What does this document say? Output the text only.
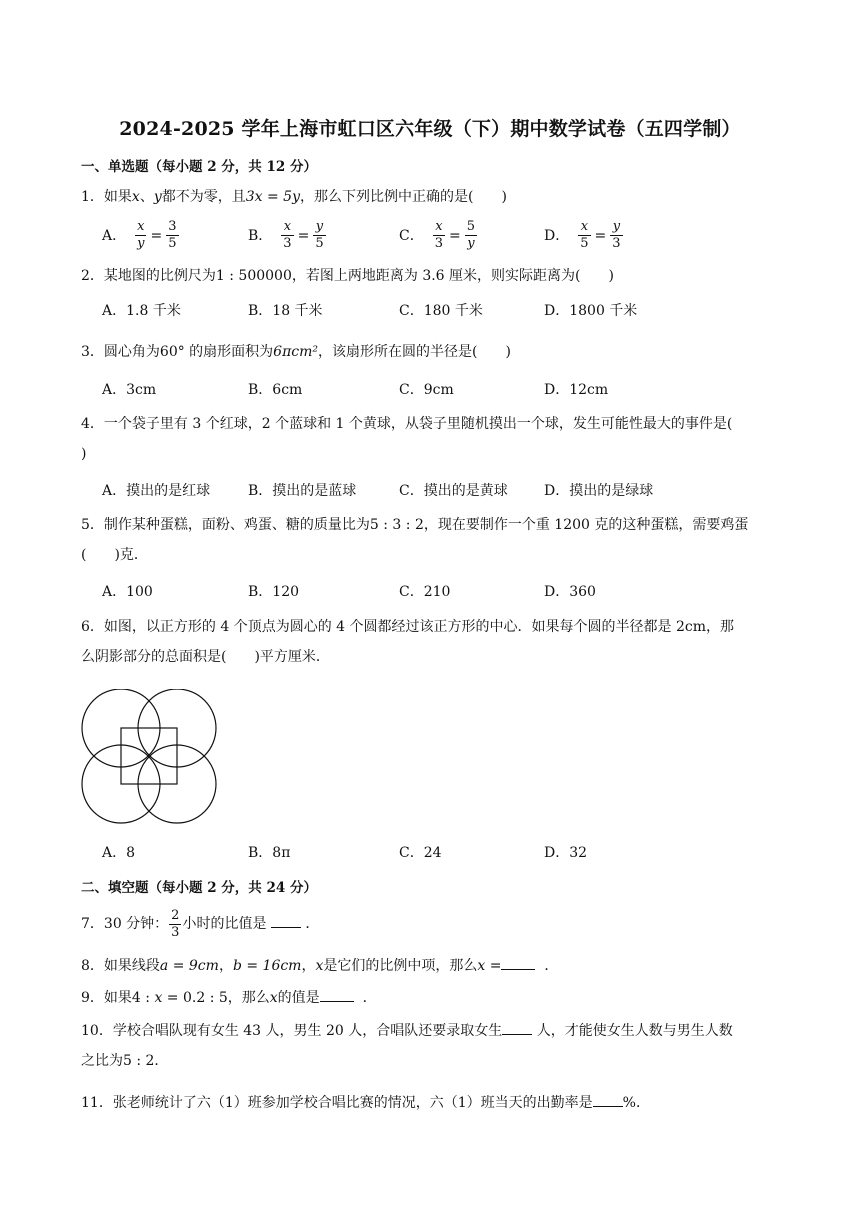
2024-2025 学年上海市虹口区六年级（下）期中数学试卷（五四学制）
一、单选题（每小题 2 分，共 12 分）
1．如果x、y都不为零，且3x = 5y，那么下列比例中正确的是(　　)
A． $\frac{x}{y} = \frac{3}{5}$	B． $\frac{x}{3} = \frac{y}{5}$	C． $\frac{x}{3} = \frac{5}{y}$	D． $\frac{x}{5} = \frac{y}{3}$
2．某地图的比例尺为1 : 500000，若图上两地距离为 3.6 厘米，则实际距离为(　　)
A．1.8 千米	B．18 千米	C．180 千米	D．1800 千米
3．圆心角为60° 的扇形面积为6πcm²，该扇形所在圆的半径是(　　)
A．3cm	B．6cm	C．9cm	D．12cm
4．一个袋子里有 3 个红球，2 个蓝球和 1 个黄球，从袋子里随机摸出一个球，发生可能性最大的事件是(
)
A．摸出的是红球	B．摸出的是蓝球	C．摸出的是黄球	D．摸出的是绿球
5．制作某种蛋糕，面粉、鸡蛋、糖的质量比为5 : 3 : 2，现在要制作一个重 1200 克的这种蛋糕，需要鸡蛋
(　　)克．
A．100	B．120	C．210	D．360
6．如图，以正方形的 4 个顶点为圆心的 4 个圆都经过该正方形的中心．如果每个圆的半径都是 2cm，那
么阴影部分的总面积是(　　)平方厘米．
A．8	B．8π	C．24	D．32
二、填空题（每小题 2 分，共 24 分）
7．30 分钟： $\frac{2}{3}$ 小时的比值是	．
8．如果线段a = 9cm，b = 16cm，x是它们的比例中项，那么x =	．
9．如果4 : x = 0.2 : 5，那么x的值是	．
10．学校合唱队现有女生 43 人，男生 20 人，合唱队还要录取女生 人，才能使女生人数与男生人数
之比为5 : 2．
11．张老师统计了六（1）班参加学校合唱比赛的情况，六（1）班当天的出勤率是 %．
